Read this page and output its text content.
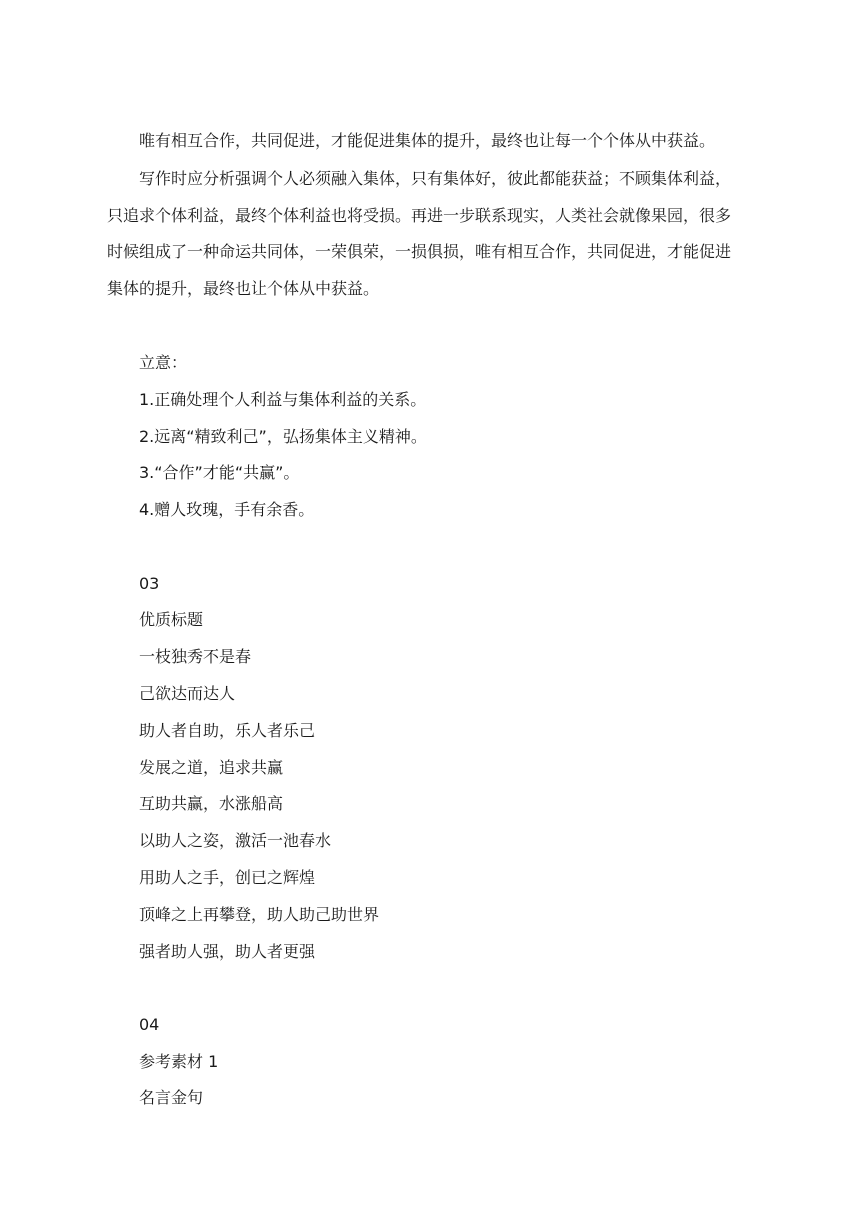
唯有相互合作，共同促进，才能促进集体的提升，最终也让每一个个体从中获益。
写作时应分析强调个人必须融入集体，只有集体好，彼此都能获益；不顾集体利益，
只追求个体利益，最终个体利益也将受损。再进一步联系现实，人类社会就像果园，很多
时候组成了一种命运共同体，一荣俱荣，一损俱损，唯有相互合作，共同促进，才能促进
集体的提升，最终也让个体从中获益。
立意：
1.正确处理个人利益与集体利益的关系。
2.远离“精致利己”，弘扬集体主义精神。
3.“合作”才能“共赢”。
4.赠人玫瑰，手有余香。
03
优质标题
一枝独秀不是春
己欲达而达人
助人者自助，乐人者乐己
发展之道，追求共赢
互助共赢，水涨船高
以助人之姿，激活一池春水
用助人之手，创已之辉煌
顶峰之上再攀登，助人助己助世界
强者助人强，助人者更强
04
参考素材 1
名言金句
